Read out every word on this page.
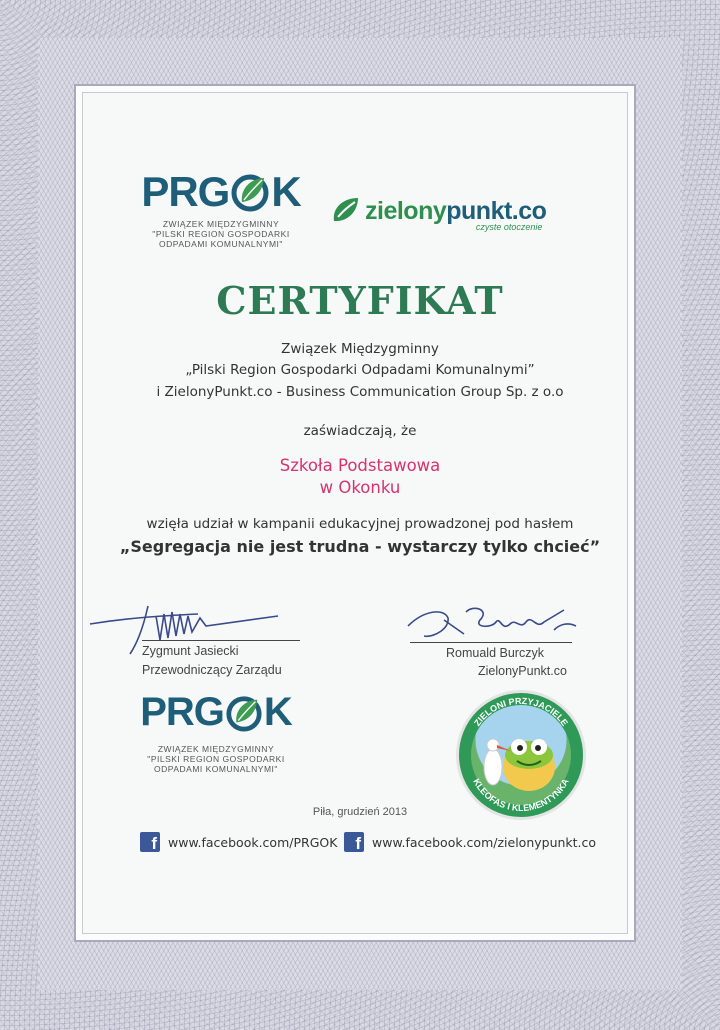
PRG K
ZWIĄZEK MIĘDZYGMINNY
"PILSKI REGION GOSPODARKI
ODPADAMI KOMUNALNYMI"
zielony punkt.co
czyste otoczenie
CERTYFIKAT
Związek Międzygminny
„Pilski Region Gospodarki Odpadami Komunalnymi”
i ZielonyPunkt.co - Business Communication Group Sp. z o.o
zaświadczają, że
Szkoła Podstawowa
w Okonku
wzięła udział w kampanii edukacyjnej prowadzonej pod hasłem
„Segregacja nie jest trudna - wystarczy tylko chcieć”
Zygmunt Jasiecki
Przewodniczący Zarządu
Romuald Burczyk
ZielonyPunkt.co
PRG K
ZWIĄZEK MIĘDZYGMINNY
"PILSKI REGION GOSPODARKI
ODPADAMI KOMUNALNYMI"
ZIELONI PRZYJACIELE
KLEOFAS I KLEMENTYNKA
Piła, grudzień 2013
f www.facebook.com/PRGOK	f www.facebook.com/zielonypunkt.co
